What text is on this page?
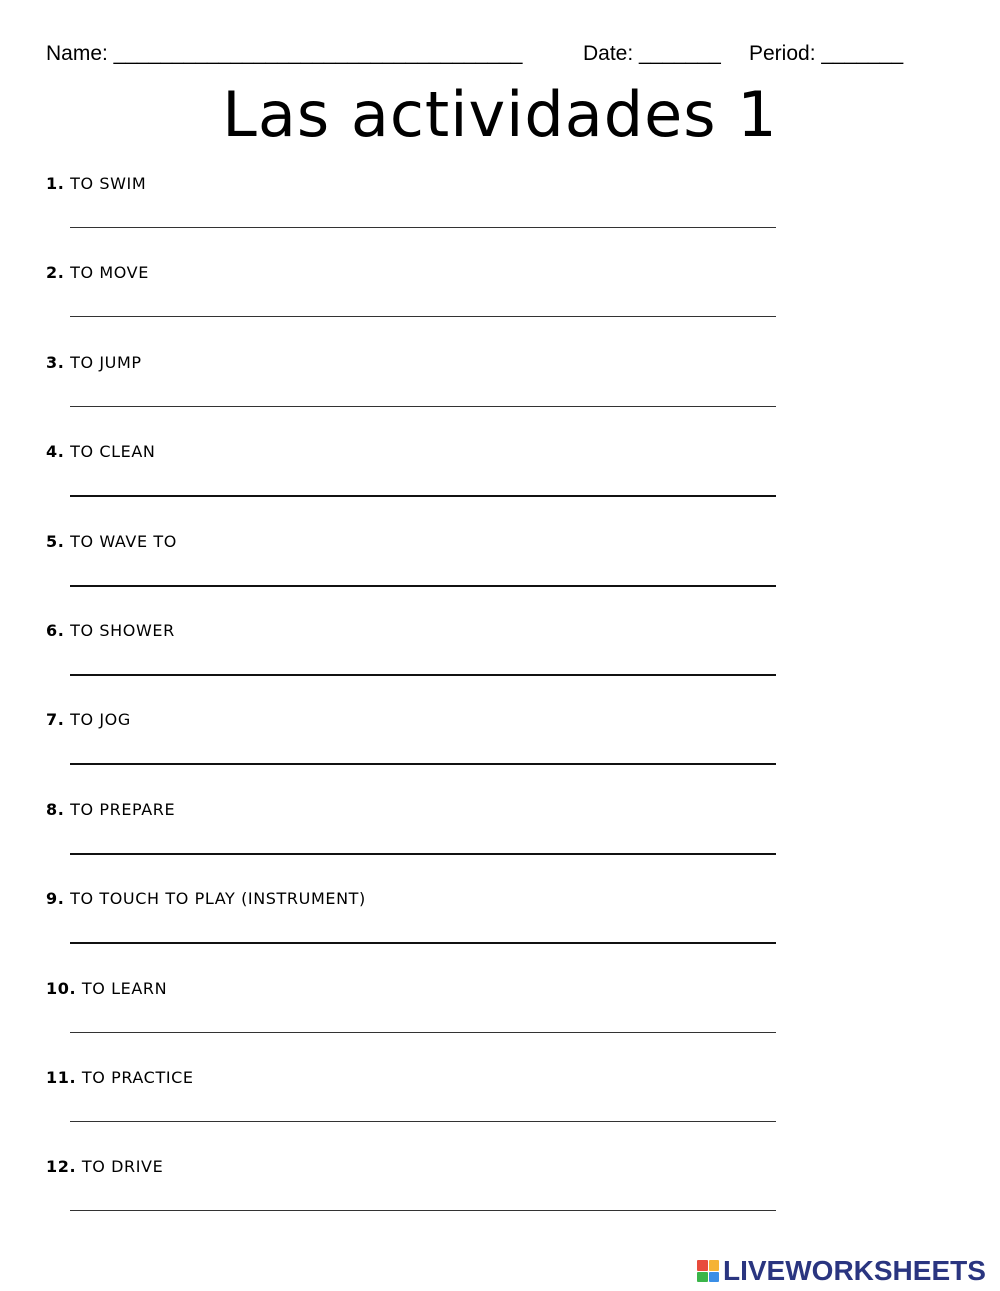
Name: ___________________________________	Date: _______ Period: _______
Las actividades 1
1. TO SWIM
2. TO MOVE
3. TO JUMP
4. TO CLEAN
5. TO WAVE TO
6. TO SHOWER
7. TO JOG
8. TO PREPARE
9. TO TOUCH TO PLAY (INSTRUMENT)
10. TO LEARN
11. TO PRACTICE
12. TO DRIVE
LIVEWORKSHEETS
